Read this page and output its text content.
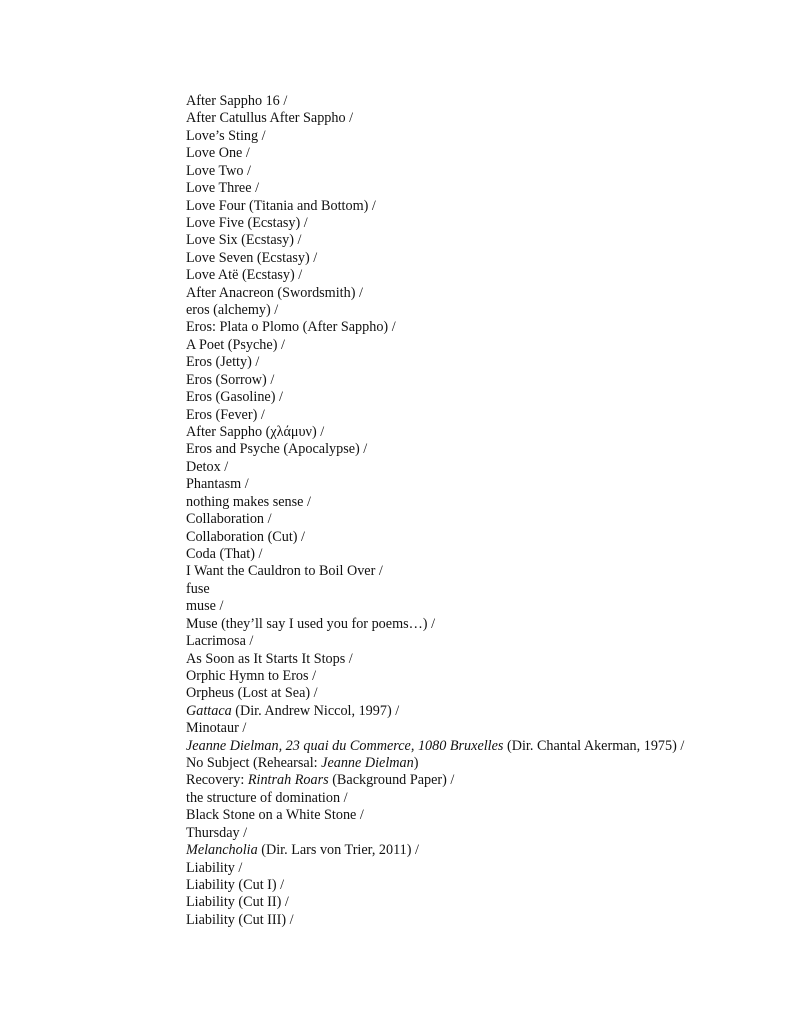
After Sappho 16 /
After Catullus After Sappho /
Love’s Sting /
Love One /
Love Two /
Love Three /
Love Four (Titania and Bottom) /
Love Five (Ecstasy) /
Love Six (Ecstasy) /
Love Seven (Ecstasy) /
Love Atë (Ecstasy) /
After Anacreon (Swordsmith) /
eros (alchemy) /
Eros: Plata o Plomo (After Sappho) /
A Poet (Psyche) /
Eros (Jetty) /
Eros (Sorrow) /
Eros (Gasoline) /
Eros (Fever) /
After Sappho (χλάμυν) /
Eros and Psyche (Apocalypse) /
Detox /
Phantasm /
nothing makes sense /
Collaboration /
Collaboration (Cut) /
Coda (That) /
I Want the Cauldron to Boil Over /
fuse
muse /
Muse (they’ll say I used you for poems…) /
Lacrimosa /
As Soon as It Starts It Stops /
Orphic Hymn to Eros /
Orpheus (Lost at Sea) /
Gattaca (Dir. Andrew Niccol, 1997) /
Minotaur /
Jeanne Dielman, 23 quai du Commerce, 1080 Bruxelles (Dir. Chantal Akerman, 1975) /
No Subject (Rehearsal: Jeanne Dielman)
Recovery: Rintrah Roars (Background Paper) /
the structure of domination /
Black Stone on a White Stone /
Thursday /
Melancholia (Dir. Lars von Trier, 2011) /
Liability /
Liability (Cut I) /
Liability (Cut II) /
Liability (Cut III) /
